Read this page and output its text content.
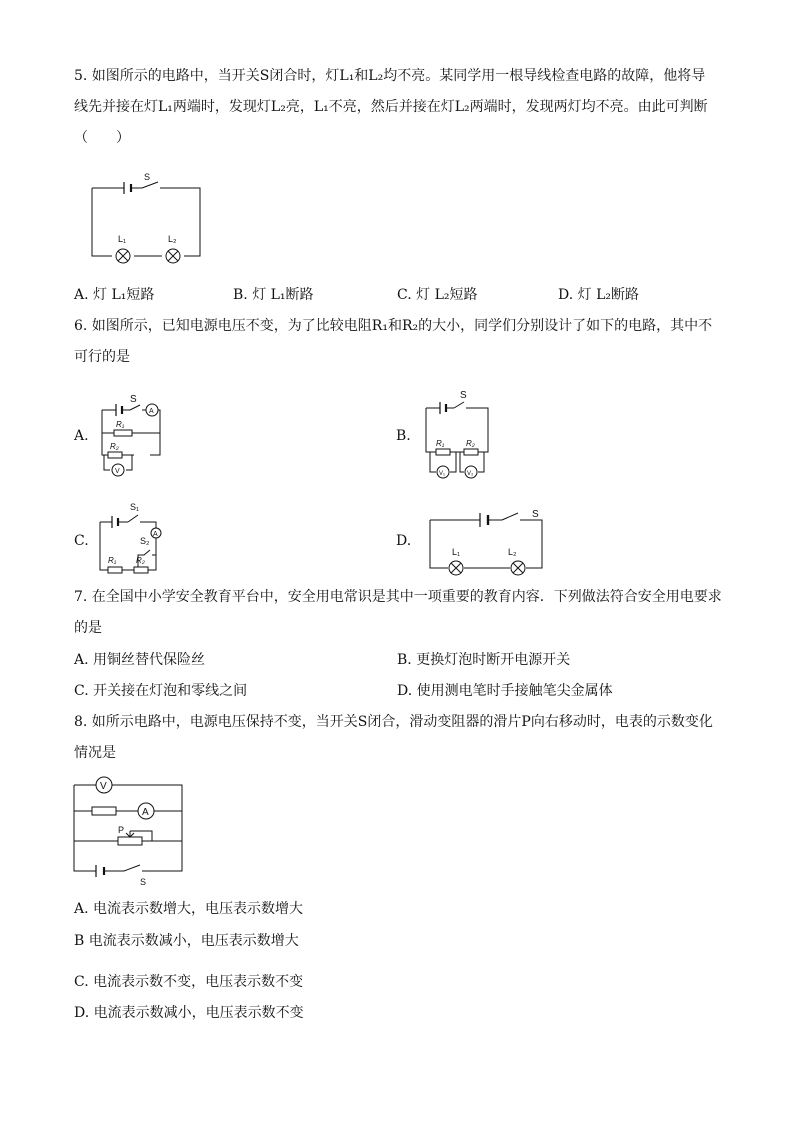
5. 如图所示的电路中，当开关S闭合时，灯L₁和L₂均不亮。某同学用一根导线检查电路的故障，他将导
线先并接在灯L₁两端时，发现灯L₂亮，L₁不亮，然后并接在灯L₂两端时，发现两灯均不亮。由此可判断
（　　）
S
L₁	L₂
A. 灯 L₁短路	B. 灯 L₁断路	C. 灯 L₂短路	D. 灯 L₂断路
6. 如图所示，已知电源电压不变，为了比较电阻R₁和R₂的大小，同学们分别设计了如下的电路，其中不
可行的是
A.
S
A
R₁
R₂
V
B.
S
R₁	R₂
V₁	V₂
C.
S₁
S₂
A
R₁ R₂
D.
S
L₁	L₂
7. 在全国中小学安全教育平台中，安全用电常识是其中一项重要的教育内容．下列做法符合安全用电要求
的是
A. 用铜丝替代保险丝	B. 更换灯泡时断开电源开关
C. 开关接在灯泡和零线之间	D. 使用测电笔时手接触笔尖金属体
8. 如所示电路中，电源电压保持不变，当开关S闭合，滑动变阻器的滑片P向右移动时，电表的示数变化
情况是
V
A
P
S
A. 电流表示数增大，电压表示数增大
B 电流表示数减小，电压表示数增大
C. 电流表示数不变，电压表示数不变
D. 电流表示数减小，电压表示数不变
